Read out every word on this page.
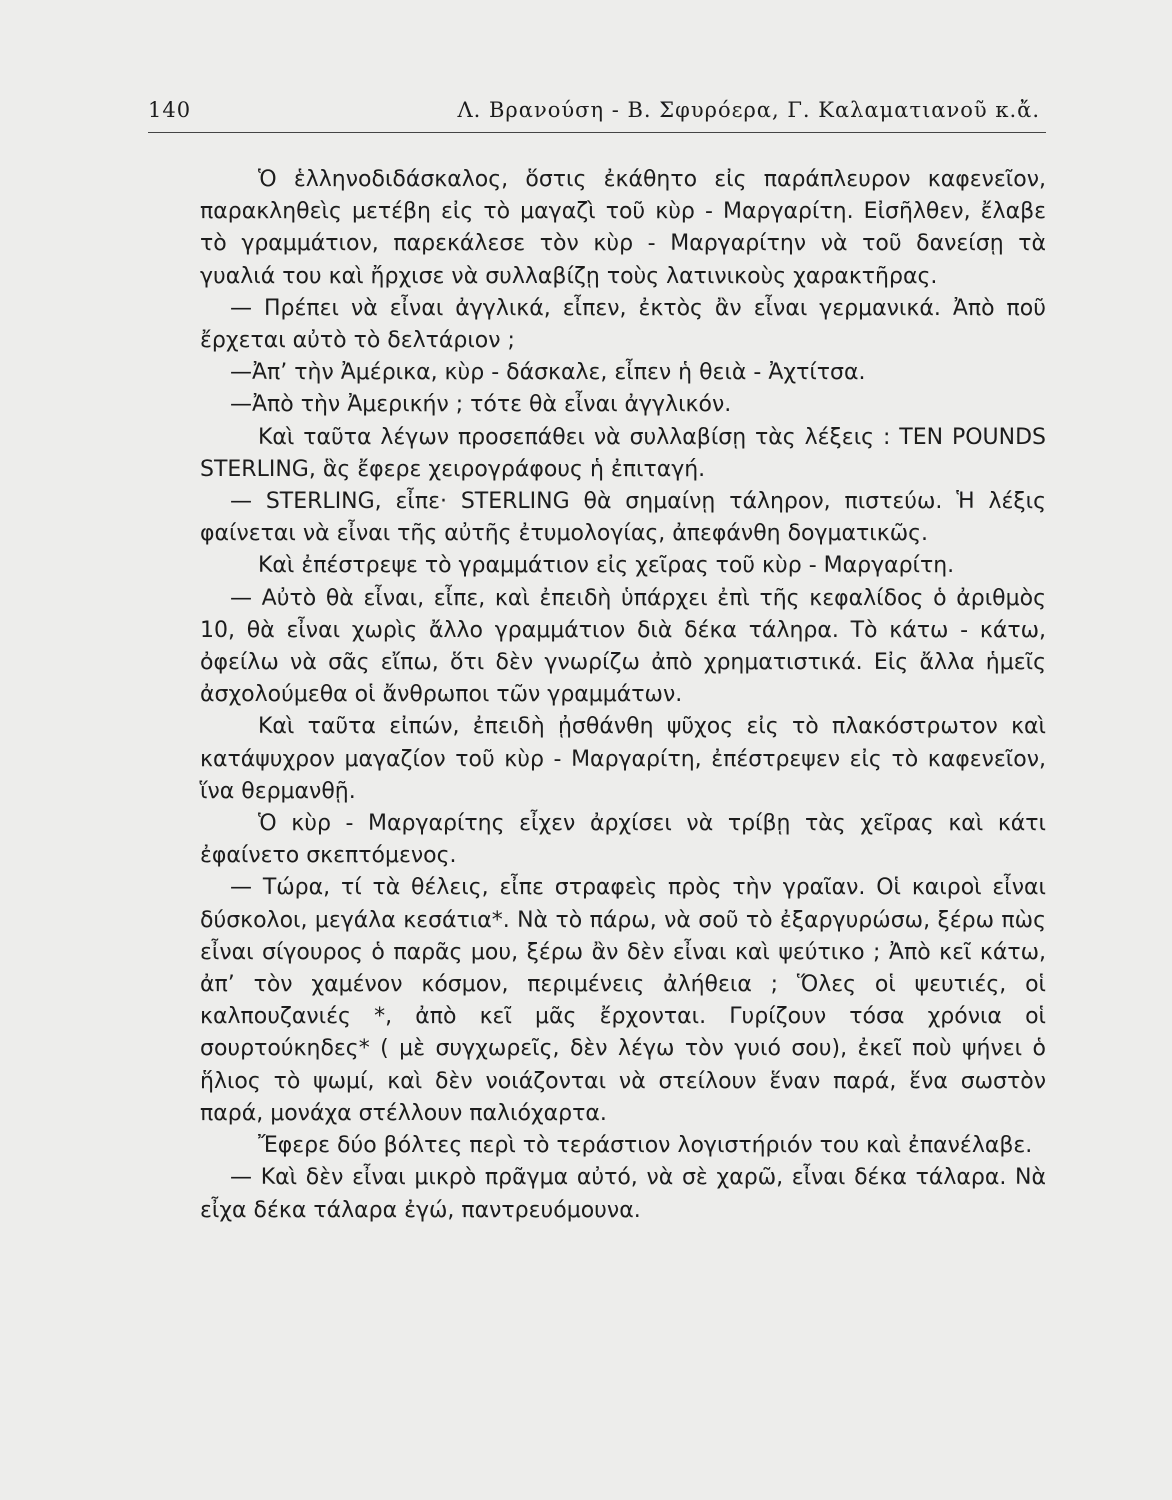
140	Λ. Βρανούση - Β. Σφυρόερα, Γ. Καλαματιανοῦ κ.ἄ.

Ὁ ἑλληνοδιδάσκαλος, ὅστις ἐκάθητο εἰς παράπλευρον καφενεῖον, παρακληθεὶς μετέβη εἰς τὸ μαγαζὶ τοῦ κὺρ - Μαργαρίτη. Εἰσῆλθεν, ἔλαβε τὸ γραμμάτιον, παρεκάλεσε τὸν κὺρ - Μαργαρίτην νὰ τοῦ δανείσῃ τὰ γυαλιά του καὶ ἤρχισε νὰ συλλαβίζῃ τοὺς λατινικοὺς χαρακτῆρας.

— Πρέπει νὰ εἶναι ἀγγλικά, εἶπεν, ἐκτὸς ἂν εἶναι γερμανικά. Ἀπὸ ποῦ ἔρχεται αὐτὸ τὸ δελτάριον ;

—Ἀπ’ τὴν Ἀμέρικα, κὺρ - δάσκαλε, εἶπεν ἡ θειὰ - Ἀχτίτσα.

—Ἀπὸ τὴν Ἀμερικήν ; τότε θὰ εἶναι ἀγγλικόν.

Καὶ ταῦτα λέγων προσεπάθει νὰ συλλαβίσῃ τὰς λέξεις : TEN POUNDS STERLING, ἃς ἔφερε χειρογράφους ἡ ἐπιταγή.

— STERLING, εἶπε· STERLING θὰ σημαίνῃ τάληρον, πιστεύω. Ἡ λέξις φαίνεται νὰ εἶναι τῆς αὐτῆς ἐτυμολογίας, ἀπεφάνθη δογματικῶς.

Καὶ ἐπέστρεψε τὸ γραμμάτιον εἰς χεῖρας τοῦ κὺρ - Μαργαρίτη.

— Αὐτὸ θὰ εἶναι, εἶπε, καὶ ἐπειδὴ ὑπάρχει ἐπὶ τῆς κεφαλίδος ὁ ἀριθμὸς 10, θὰ εἶναι χωρὶς ἄλλο γραμμάτιον διὰ δέκα τάληρα. Τὸ κάτω - κάτω, ὀφείλω νὰ σᾶς εἴπω, ὅτι δὲν γνωρίζω ἀπὸ χρηματιστικά. Εἰς ἄλλα ἡμεῖς ἀσχολούμεθα οἱ ἄνθρωποι τῶν γραμμάτων.

Καὶ ταῦτα εἰπών, ἐπειδὴ ᾐσθάνθη ψῦχος εἰς τὸ πλακόστρωτον καὶ κατάψυχρον μαγαζίον τοῦ κὺρ - Μαργαρίτη, ἐπέστρεψεν εἰς τὸ καφενεῖον, ἵνα θερμανθῇ.

Ὁ κὺρ - Μαργαρίτης εἶχεν ἀρχίσει νὰ τρίβῃ τὰς χεῖρας καὶ κάτι ἐφαίνετο σκεπτόμενος.

— Τώρα, τί τὰ θέλεις, εἶπε στραφεὶς πρὸς τὴν γραῖαν. Οἱ καιροὶ εἶναι δύσκολοι, μεγάλα κεσάτια*. Νὰ τὸ πάρω, νὰ σοῦ τὸ ἐξαργυρώσω, ξέρω πὼς εἶναι σίγουρος ὁ παρᾶς μου, ξέρω ἂν δὲν εἶναι καὶ ψεύτικο ; Ἀπὸ κεῖ κάτω, ἀπ’ τὸν χαμένον κόσμον, περιμένεις ἀλήθεια ; Ὅλες οἱ ψευτιές, οἱ καλπουζανιές *, ἀπὸ κεῖ μᾶς ἔρχονται. Γυρίζουν τόσα χρόνια οἱ σουρτούκηδες* ( μὲ συγχωρεῖς, δὲν λέγω τὸν γυιό σου), ἐκεῖ ποὺ ψήνει ὁ ἥλιος τὸ ψωμί, καὶ δὲν νοιάζονται νὰ στείλουν ἕναν παρά, ἕνα σωστὸν παρά, μονάχα στέλλουν παλιόχαρτα.

Ἔφερε δύο βόλτες περὶ τὸ τεράστιον λογιστήριόν του καὶ ἐπανέλαβε.

— Καὶ δὲν εἶναι μικρὸ πρᾶγμα αὐτό, νὰ σὲ χαρῶ, εἶναι δέκα τάλαρα. Νὰ εἶχα δέκα τάλαρα ἐγώ, παντρευόμουνα.
